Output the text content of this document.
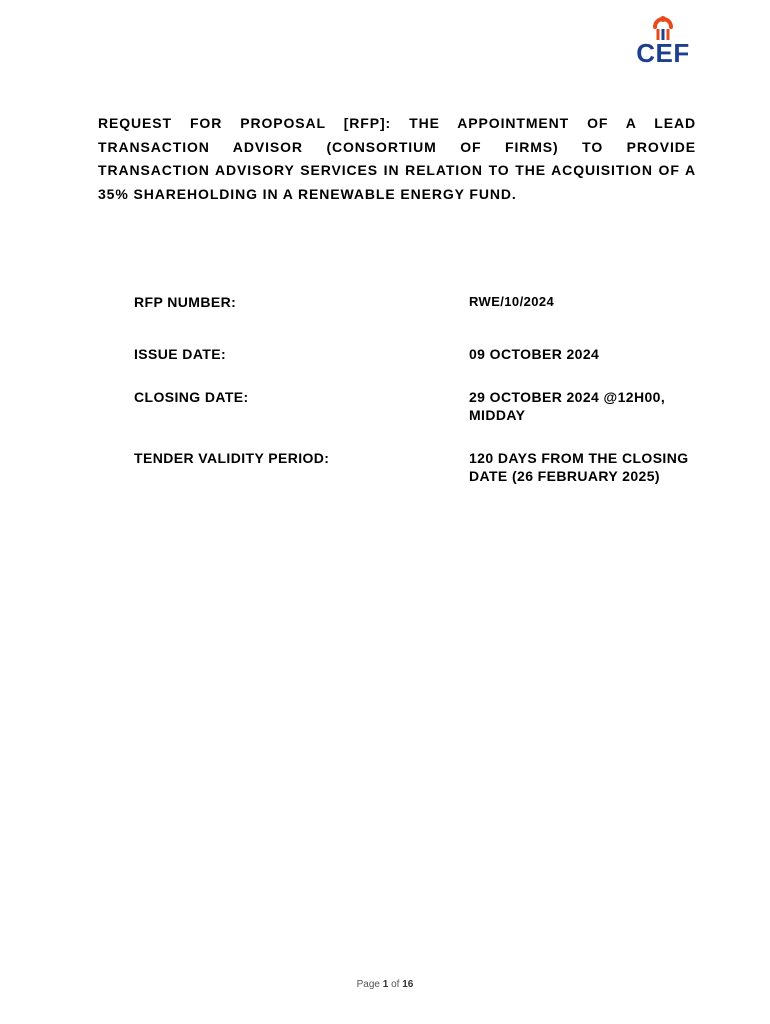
CEF

REQUEST FOR PROPOSAL [RFP]: THE APPOINTMENT OF A LEAD TRANSACTION ADVISOR (CONSORTIUM OF FIRMS) TO PROVIDE TRANSACTION ADVISORY SERVICES IN RELATION TO THE ACQUISITION OF A 35% SHAREHOLDING IN A RENEWABLE ENERGY FUND.

RFP NUMBER:	RWE/10/2024
ISSUE DATE:	09 OCTOBER 2024
CLOSING DATE:	29 OCTOBER 2024 @12H00, MIDDAY
TENDER VALIDITY PERIOD:	120 DAYS FROM THE CLOSING DATE (26 FEBRUARY 2025)
Page 1 of 16
